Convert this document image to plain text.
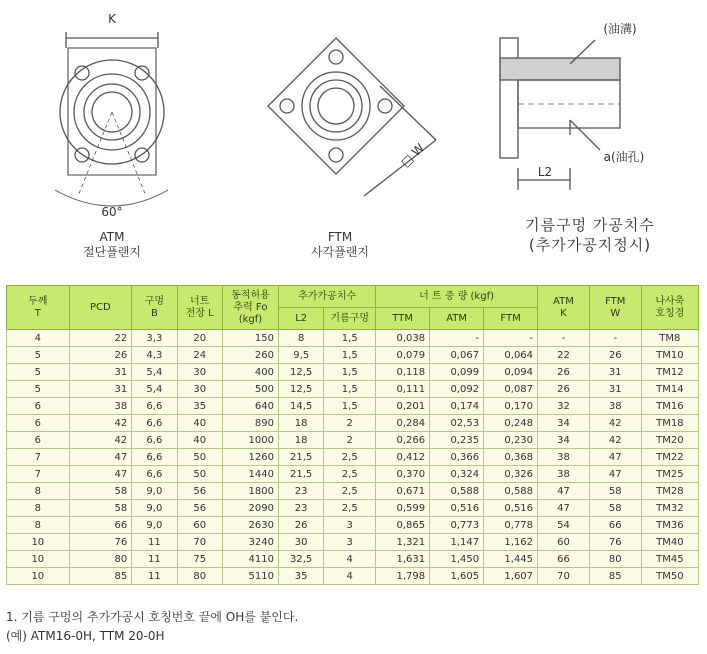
K
60°
ATM
절단플랜지
□ W
FTM
사각플랜지
(油溝)
a(油孔)
L2
기름구멍 가공치수
(추가가공지정시)
두께
T	PCD	구멍
B	너트
전장 L	동적허용
추력 Fo
(kgf)	추가가공치수		너 트 중 량 (kgf)			ATM
K	FTM
W	나사축
호칭경
					L2	기름구멍	TTM	ATM	FTM			
4	22	3,3	20	150	8	1,5	0,038	-	-	-	-	TM8
5	26	4,3	24	260	9,5	1,5	0,079	0,067	0,064	22	26	TM10
5	31	5,4	30	400	12,5	1,5	0,118	0,099	0,094	26	31	TM12
5	31	5,4	30	500	12,5	1,5	0,111	0,092	0,087	26	31	TM14
6	38	6,6	35	640	14,5	1,5	0,201	0,174	0,170	32	38	TM16
6	42	6,6	40	890	18	2	0,284	02,53	0,248	34	42	TM18
6	42	6,6	40	1000	18	2	0,266	0,235	0,230	34	42	TM20
7	47	6,6	50	1260	21,5	2,5	0,412	0,366	0,368	38	47	TM22
7	47	6,6	50	1440	21,5	2,5	0,370	0,324	0,326	38	47	TM25
8	58	9,0	56	1800	23	2,5	0,671	0,588	0,588	47	58	TM28
8	58	9,0	56	2090	23	2,5	0,599	0,516	0,516	47	58	TM32
8	66	9,0	60	2630	26	3	0,865	0,773	0,778	54	66	TM36
10	76	11	70	3240	30	3	1,321	1,147	1,162	60	76	TM40
10	80	11	75	4110	32,5	4	1,631	1,450	1,445	66	80	TM45
10	85	11	80	5110	35	4	1,798	1,605	1,607	70	85	TM50
1. 기름 구멍의 추가가공시 호칭번호 끝에 OH를 붙인다.
(예) ATM16-0H, TTM 20-0H
